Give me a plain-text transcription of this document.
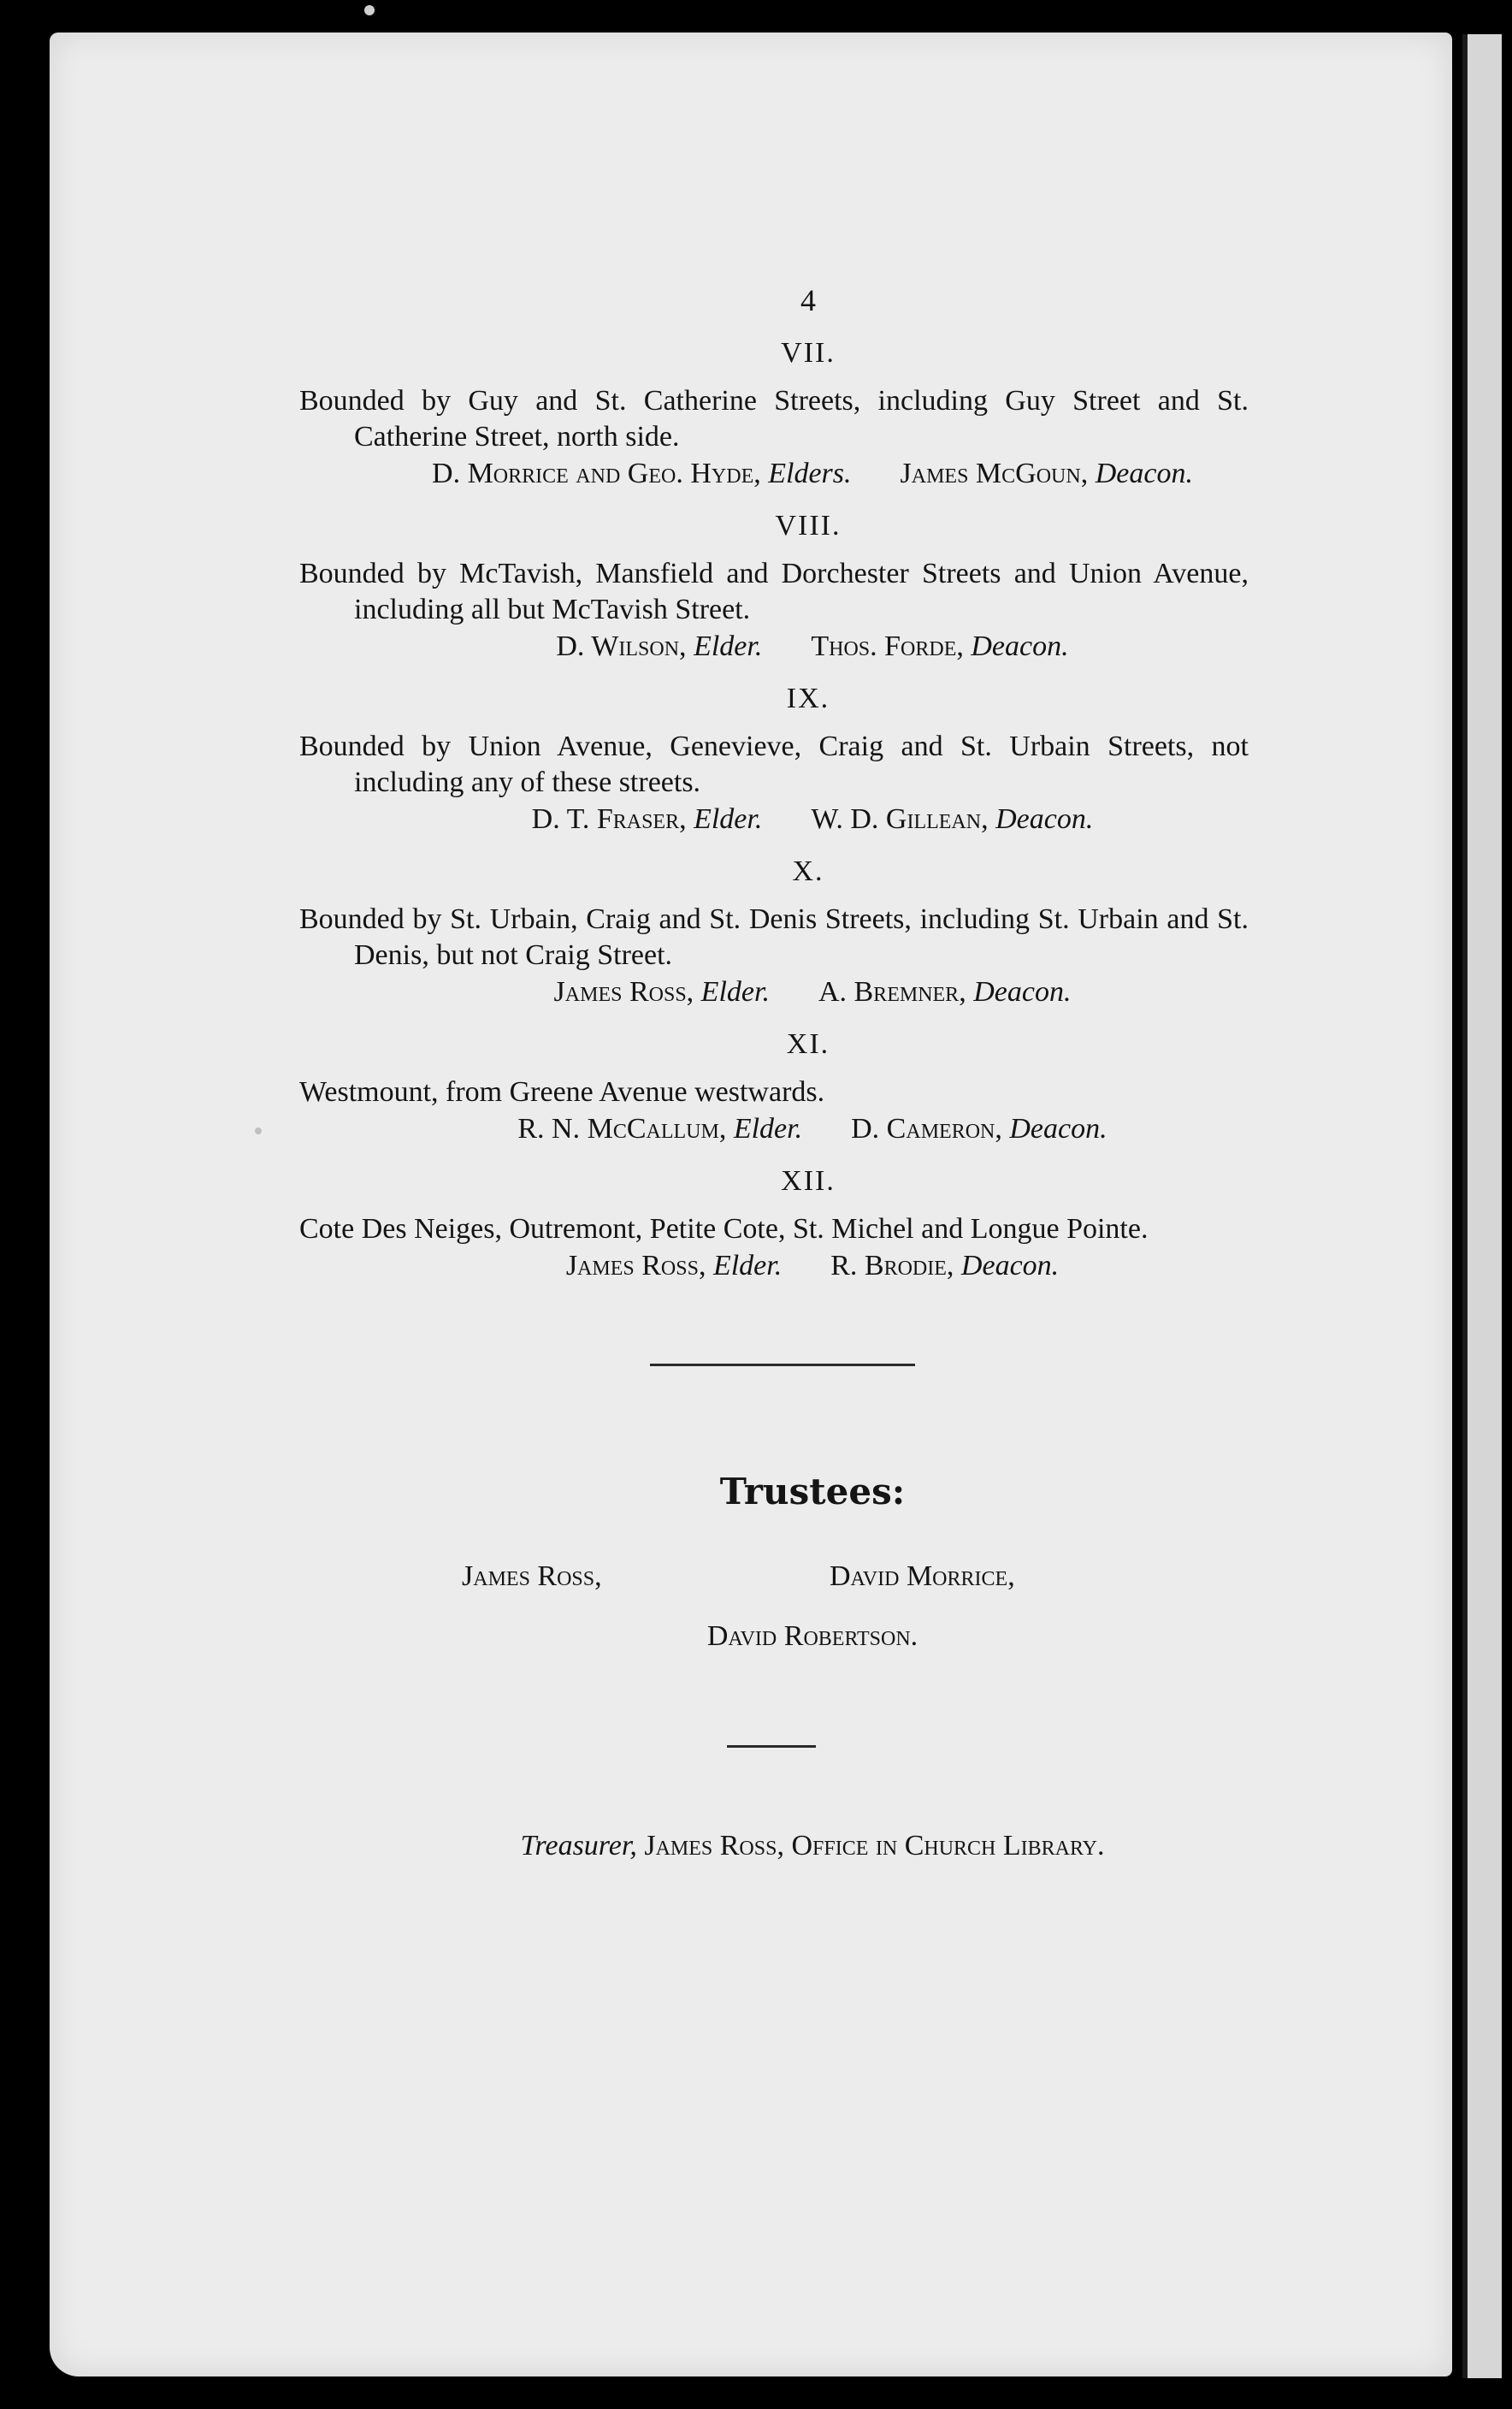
4
VII.

Bounded by Guy and St. Catherine Streets, including Guy Street and St. Catherine Street, north side.

D. Morrice and Geo. Hyde, Elders. James McGoun, Deacon.
VIII.

Bounded by McTavish, Mansfield and Dorchester Streets and Union Avenue, including all but McTavish Street.

D. Wilson, Elder. Thos. Forde, Deacon.
IX.

Bounded by Union Avenue, Genevieve, Craig and St. Urbain Streets, not including any of these streets.

D. T. Fraser, Elder. W. D. Gillean, Deacon.
X.

Bounded by St. Urbain, Craig and St. Denis Streets, including St. Urbain and St. Denis, but not Craig Street.

James Ross, Elder. A. Bremner, Deacon.
XI.

Westmount, from Greene Avenue westwards.

R. N. McCallum, Elder. D. Cameron, Deacon.
XII.

Cote Des Neiges, Outremont, Petite Cote, St. Michel and Longue Pointe.

James Ross, Elder. R. Brodie, Deacon.
Trustees:
James Ross,	David Morrice,
David Robertson.
Treasurer, James Ross, Office in Church Library.
